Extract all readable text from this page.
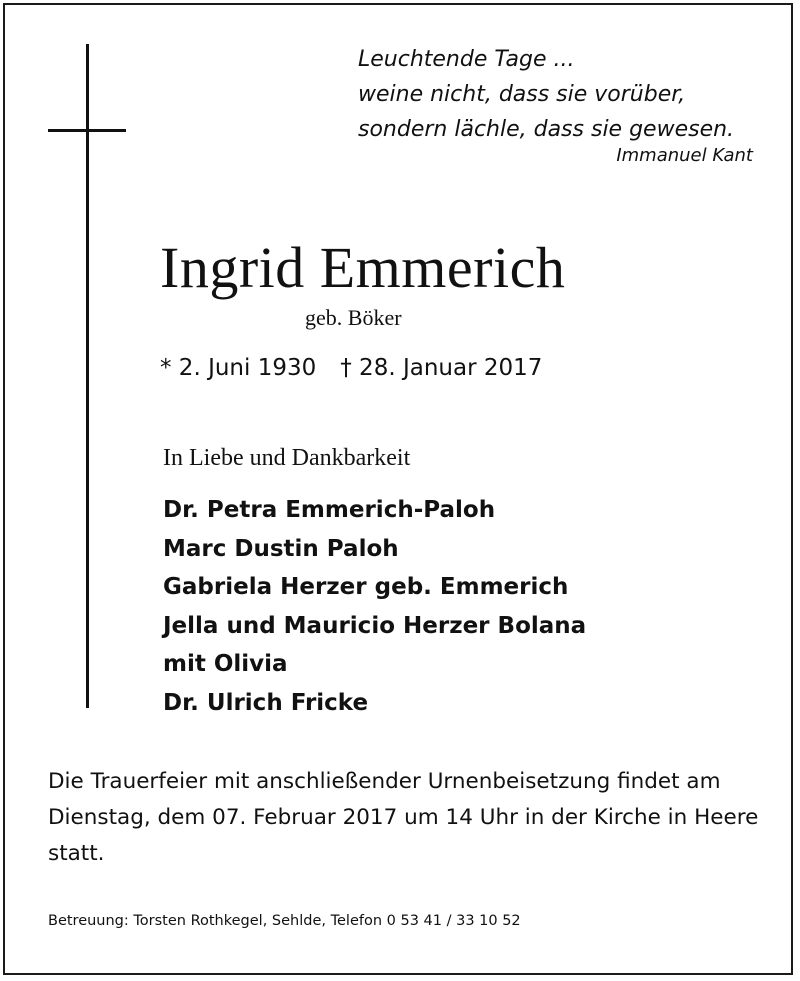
Leuchtende Tage ...
weine nicht, dass sie vorüber,
sondern lächle, dass sie gewesen.
Immanuel Kant
Ingrid Emmerich
geb. Böker
* 2. Juni 1930 † 28. Januar 2017
In Liebe und Dankbarkeit
Dr. Petra Emmerich-Paloh
Marc Dustin Paloh
Gabriela Herzer geb. Emmerich
Jella und Mauricio Herzer Bolana
mit Olivia
Dr. Ulrich Fricke
Die Trauerfeier mit anschließender Urnenbeisetzung findet am Dienstag, dem 07. Februar 2017 um 14 Uhr in der Kirche in Heere statt.
Betreuung: Torsten Rothkegel, Sehlde, Telefon 0 53 41 / 33 10 52
